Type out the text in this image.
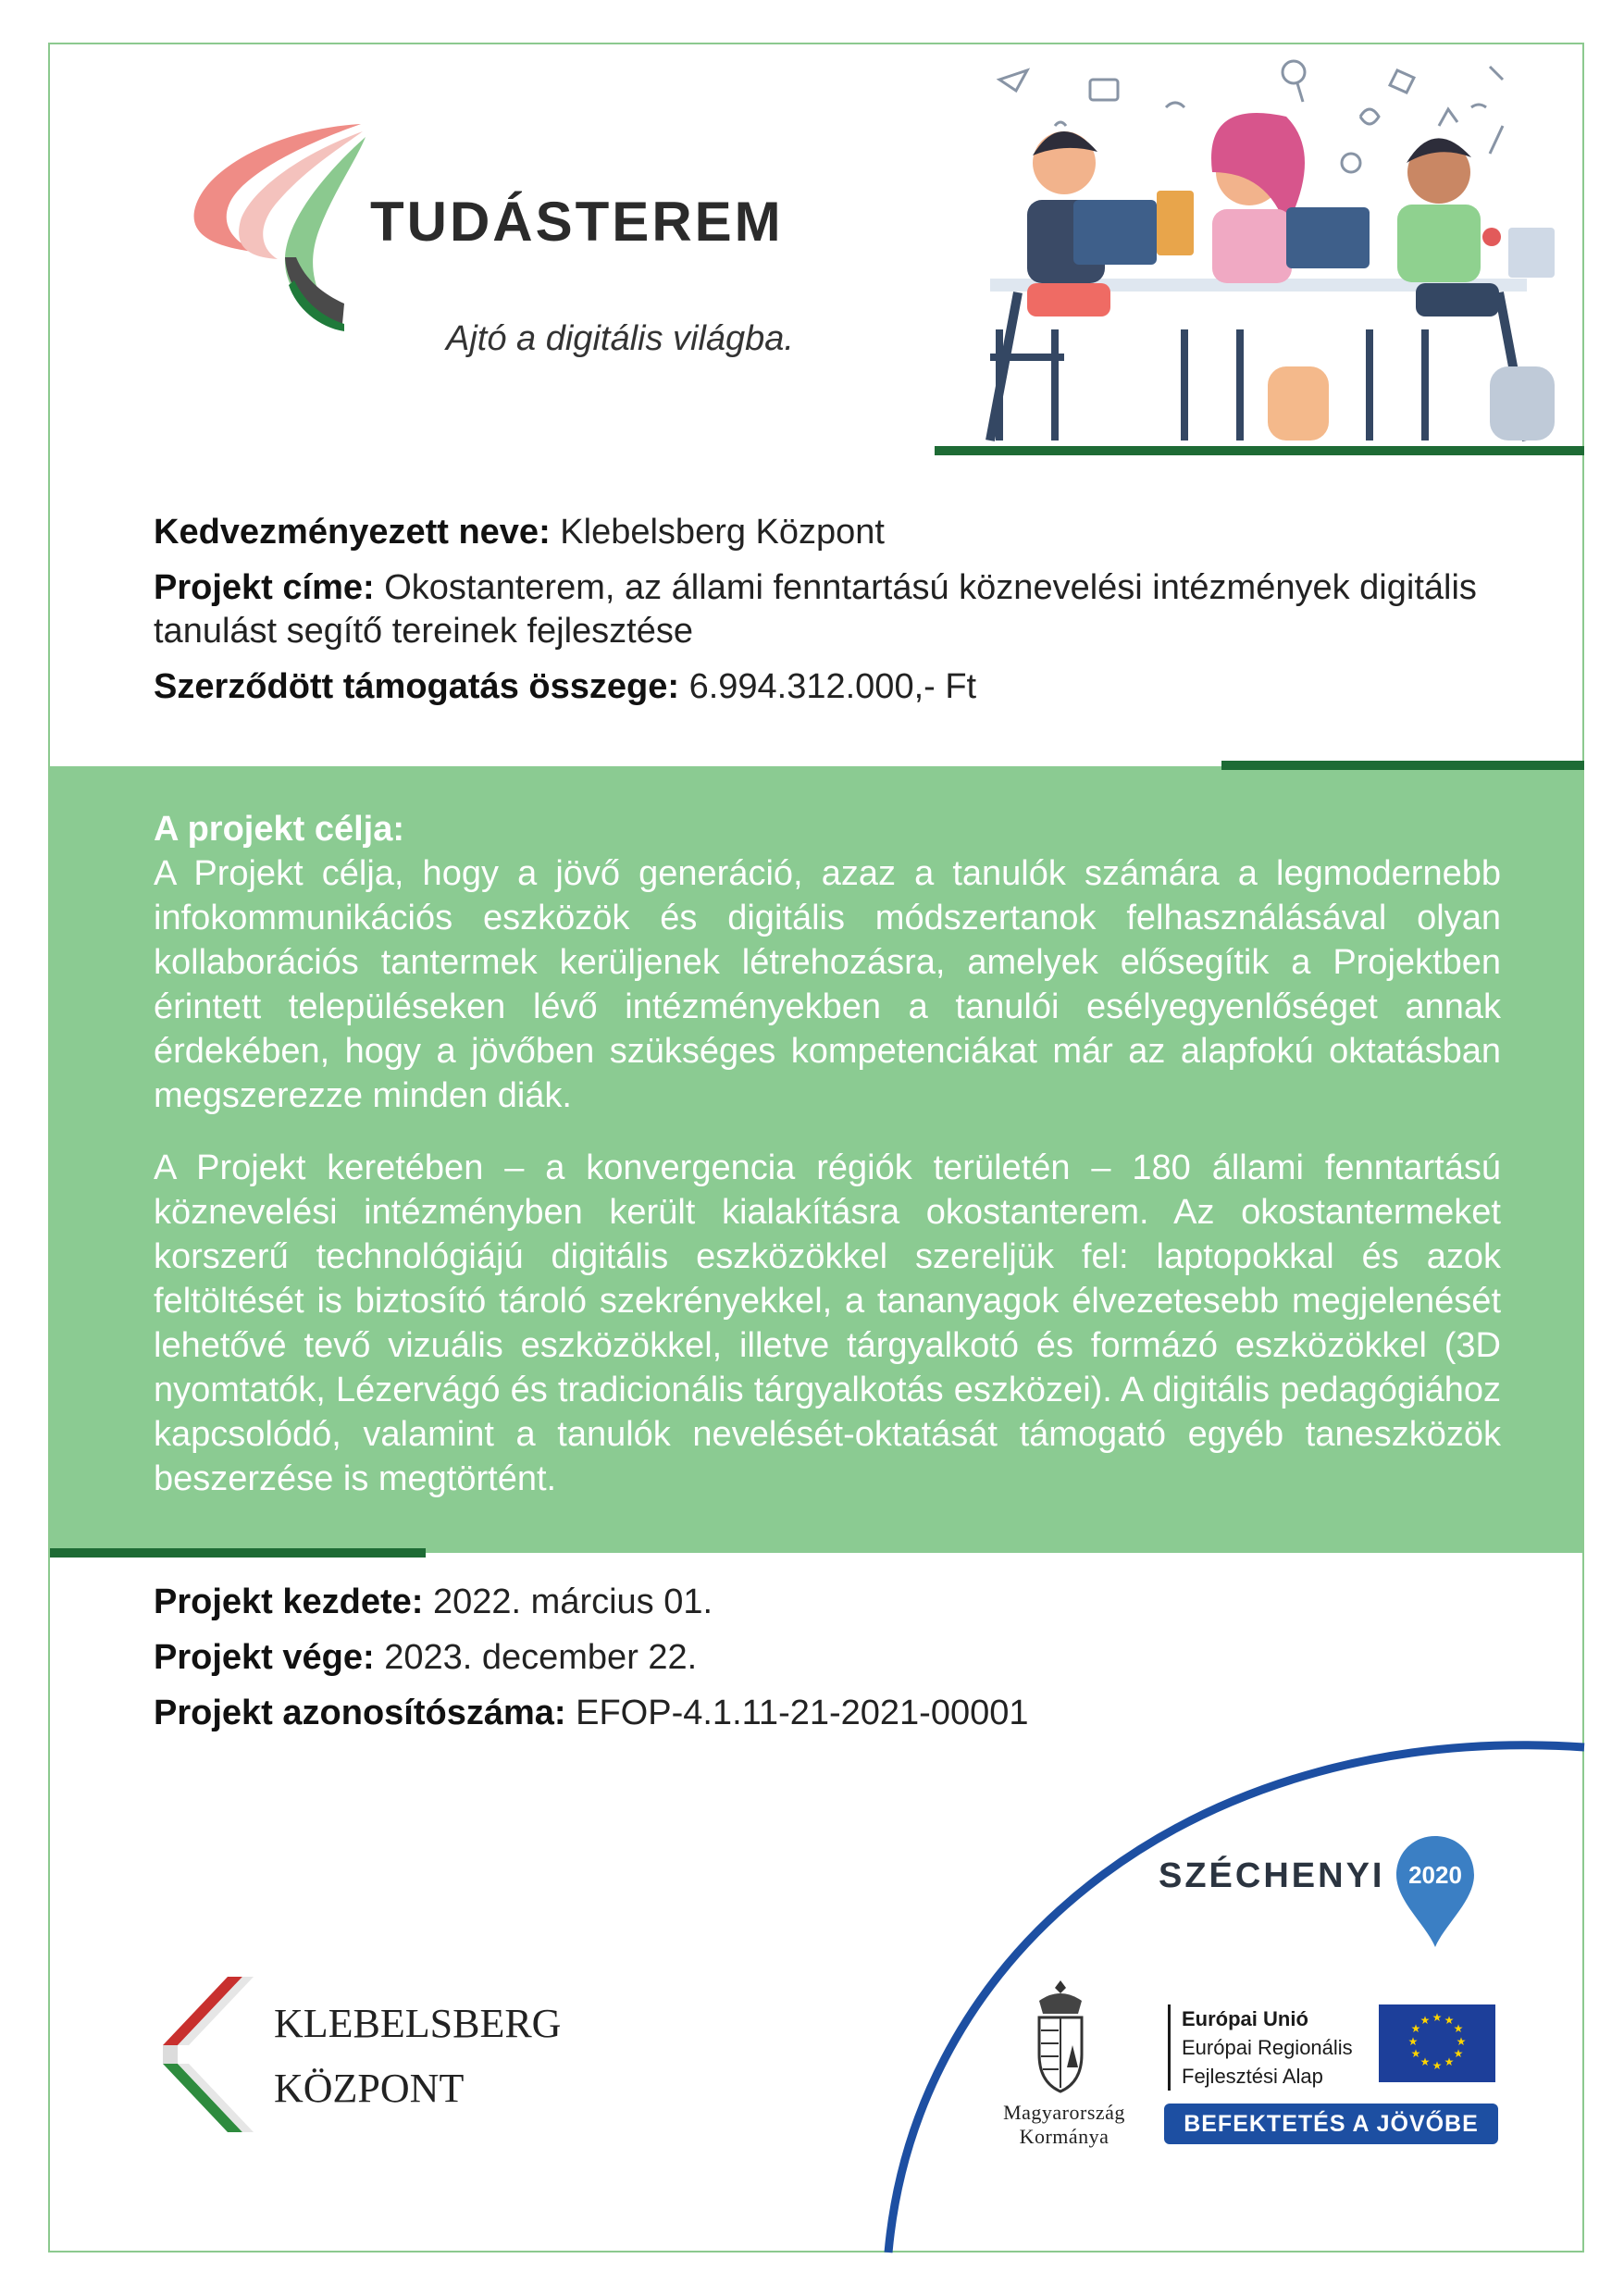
TUDÁSTEREM
Ajtó a digitális világba.
Kedvezményezett neve: Klebelsberg Központ
Projekt címe: Okostanterem, az állami fenntartású köznevelési intézmények digitális tanulást segítő tereinek fejlesztése
Szerződött támogatás összege: 6.994.312.000,- Ft
A projekt célja:

A Projekt célja, hogy a jövő generáció, azaz a tanulók számára a legmodernebb infokommunikációs eszközök és digitális módszertanok felhasználásával olyan kollaborációs tantermek kerüljenek létrehozásra, amelyek elősegítik a Projektben érintett településeken lévő intézményekben a tanulói esélyegyenlőséget annak érdekében, hogy a jövőben szükséges kompetenciákat már az alapfokú oktatásban megszerezze minden diák.

A Projekt keretében – a konvergencia régiók területén – 180 állami fenntartású köznevelési intézményben került kialakításra okostanterem. Az okostantermeket korszerű technológiájú digitális eszközökkel szereljük fel: laptopokkal és azok feltöltését is biztosító tároló szekrényekkel, a tananyagok élvezetesebb megjelenését lehetővé tevő vizuális eszközökkel, illetve tárgyalkotó és formázó eszközökkel (3D nyomtatók, Lézervágó és tradicionális tárgyalkotás eszközei). A digitális pedagógiához kapcsolódó, valamint a tanulók nevelését-oktatását támogató egyéb taneszközök beszerzése is megtörtént.

Projekt kezdete: 2022. március 01.
Projekt vége: 2023. december 22.
Projekt azonosítószáma: EFOP-4.1.11-21-2021-00001
SZÉCHENYI 2020
KLEBELSBERG
KÖZPONT
Magyarország
Kormánya
Európai Unió
Európai Regionális
Fejlesztési Alap
★ ★
★
★
★
★
★
★
★
★
★
★
BEFEKTETÉS A JÖVŐBE
